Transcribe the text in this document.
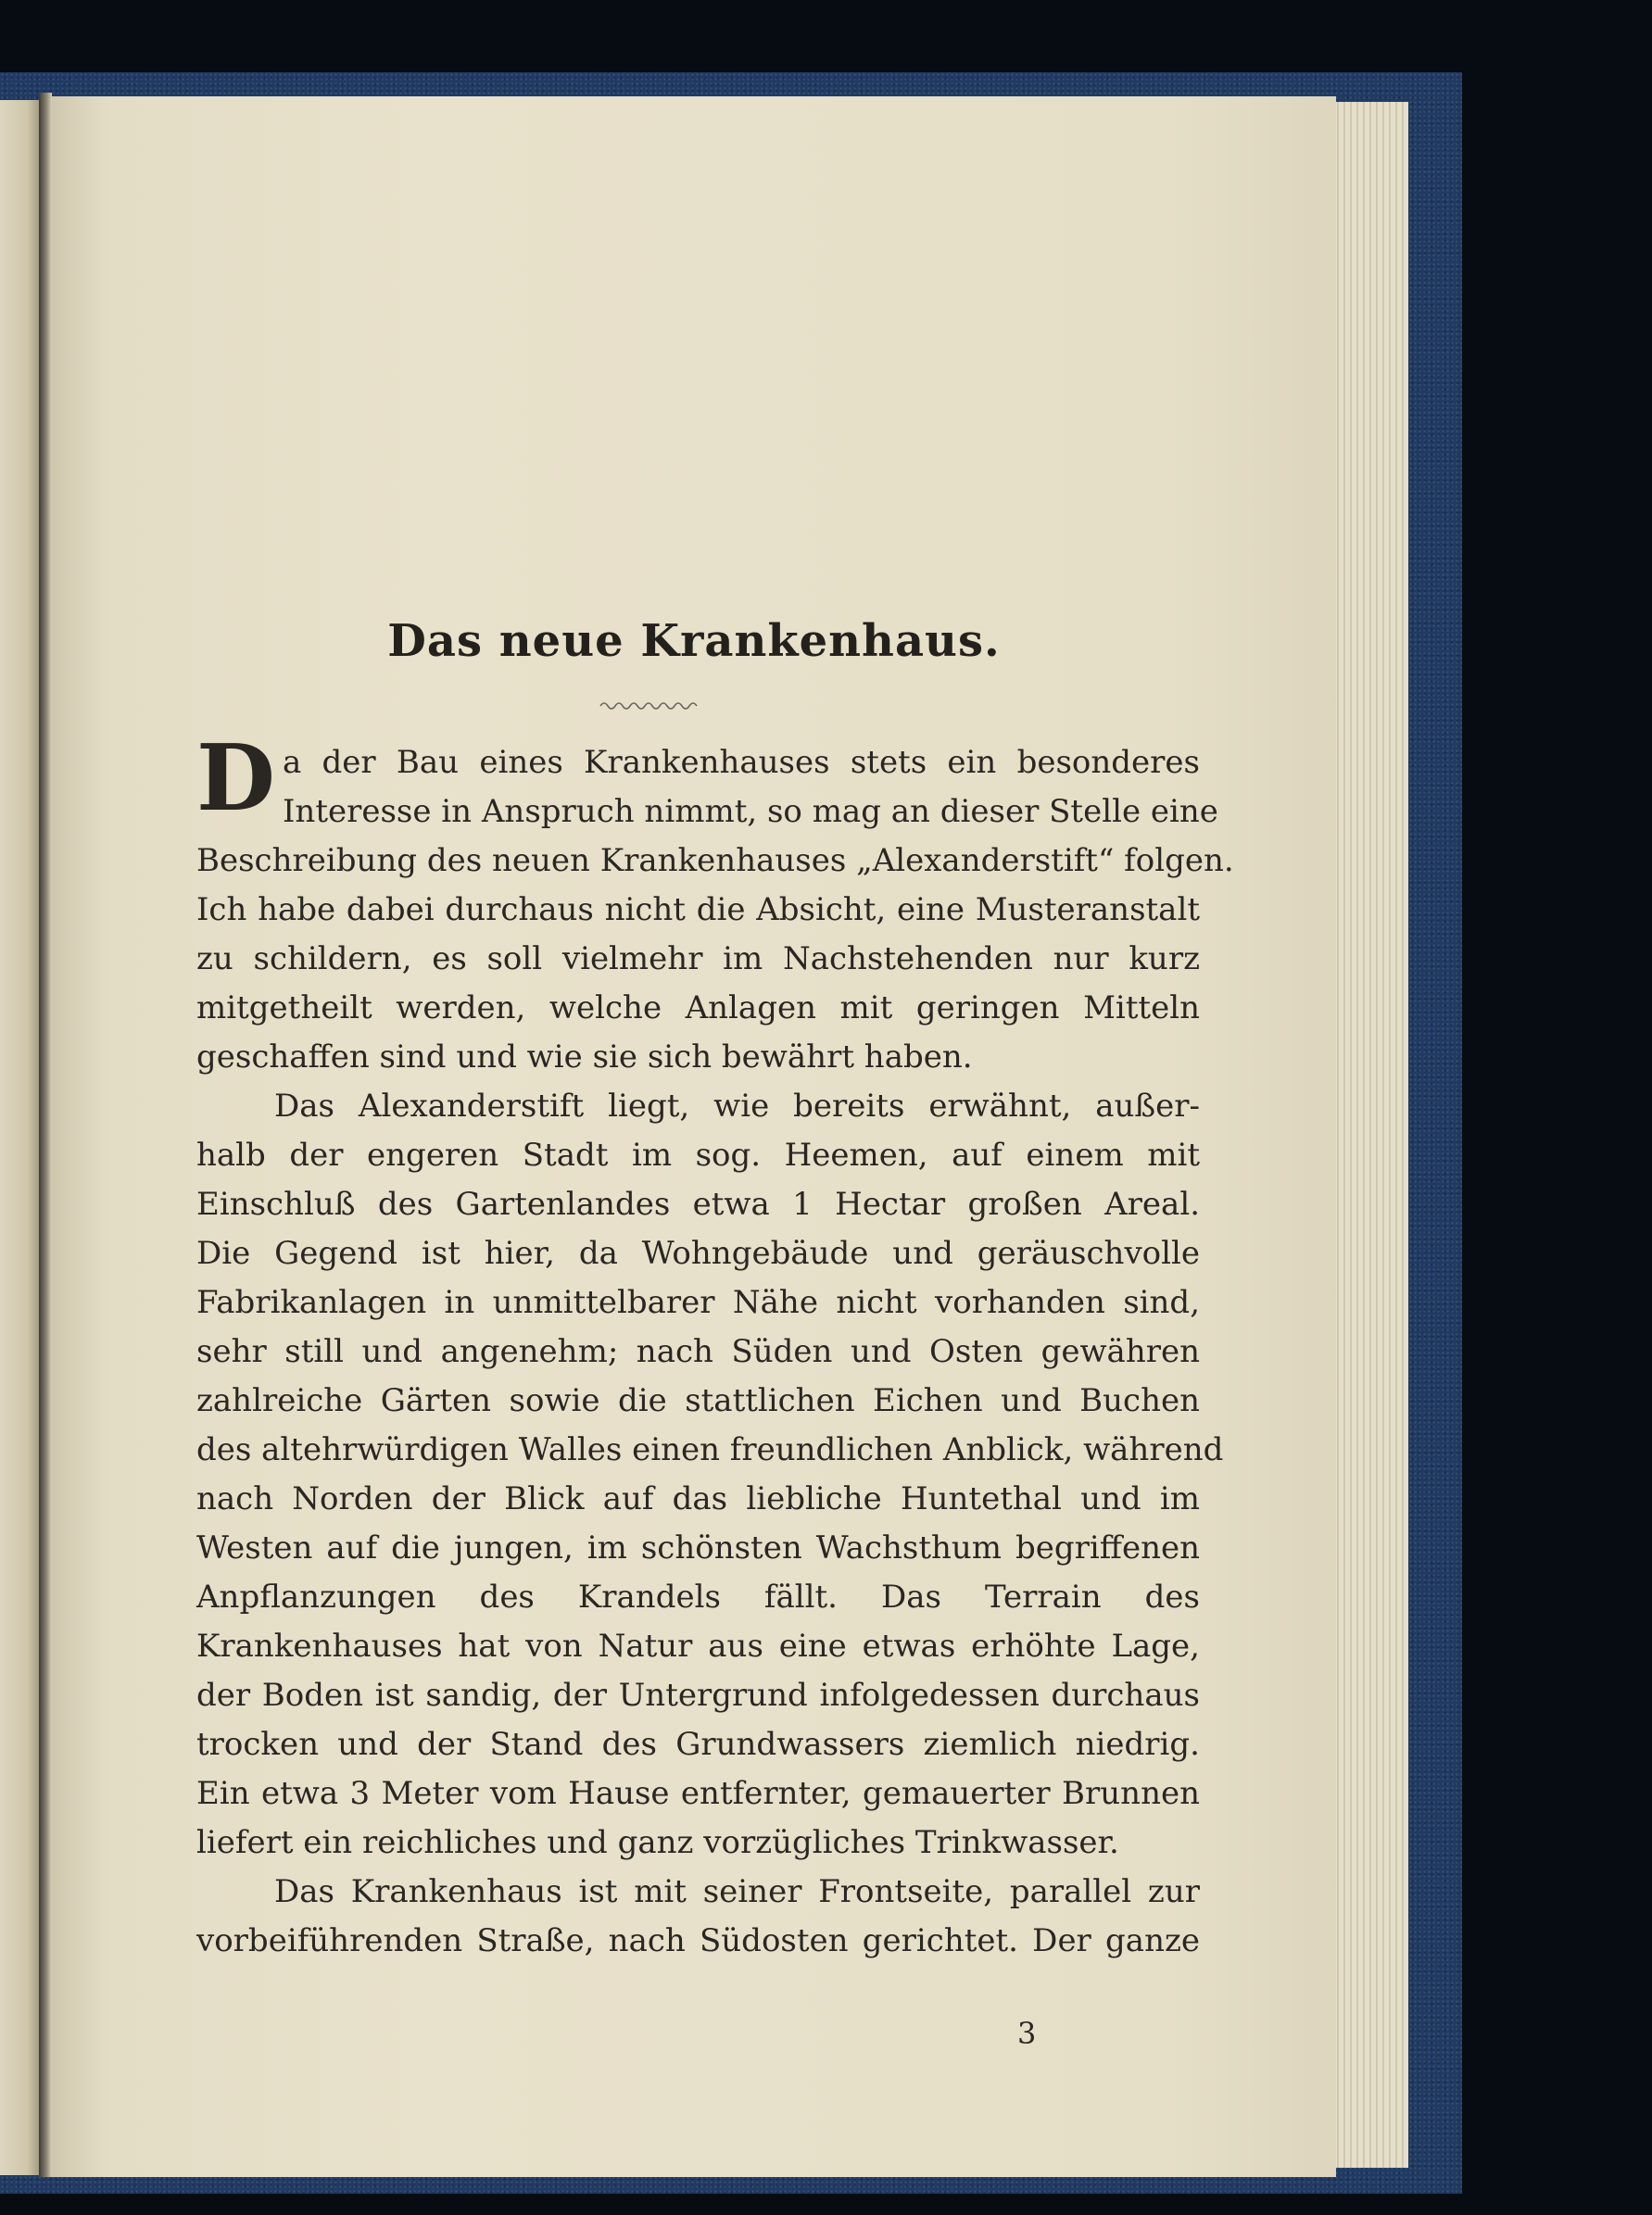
Das neue Krankenhaus.
D a der Bau eines Krankenhauses stets ein besonderes
Interesse in Anspruch nimmt, so mag an dieser Stelle eine
Beschreibung des neuen Krankenhauses „Alexanderstift“ folgen.
Ich habe dabei durchaus nicht die Absicht, eine Musteranstalt
zu schildern, es soll vielmehr im Nachstehenden nur kurz
mitgetheilt werden, welche Anlagen mit geringen Mitteln
geschaffen sind und wie sie sich bewährt haben.
Das Alexanderstift liegt, wie bereits erwähnt, außer-
halb der engeren Stadt im sog. Heemen, auf einem mit
Einschluß des Gartenlandes etwa 1 Hectar großen Areal.
Die Gegend ist hier, da Wohngebäude und geräuschvolle
Fabrikanlagen in unmittelbarer Nähe nicht vorhanden sind,
sehr still und angenehm; nach Süden und Osten gewähren
zahlreiche Gärten sowie die stattlichen Eichen und Buchen
des altehrwürdigen Walles einen freundlichen Anblick, während
nach Norden der Blick auf das liebliche Huntethal und im
Westen auf die jungen, im schönsten Wachsthum begriffenen
Anpflanzungen des Krandels fällt. Das Terrain des
Krankenhauses hat von Natur aus eine etwas erhöhte Lage,
der Boden ist sandig, der Untergrund infolgedessen durchaus
trocken und der Stand des Grundwassers ziemlich niedrig.
Ein etwa 3 Meter vom Hause entfernter, gemauerter Brunnen
liefert ein reichliches und ganz vorzügliches Trinkwasser.
Das Krankenhaus ist mit seiner Frontseite, parallel zur
vorbeiführenden Straße, nach Südosten gerichtet. Der ganze
3
